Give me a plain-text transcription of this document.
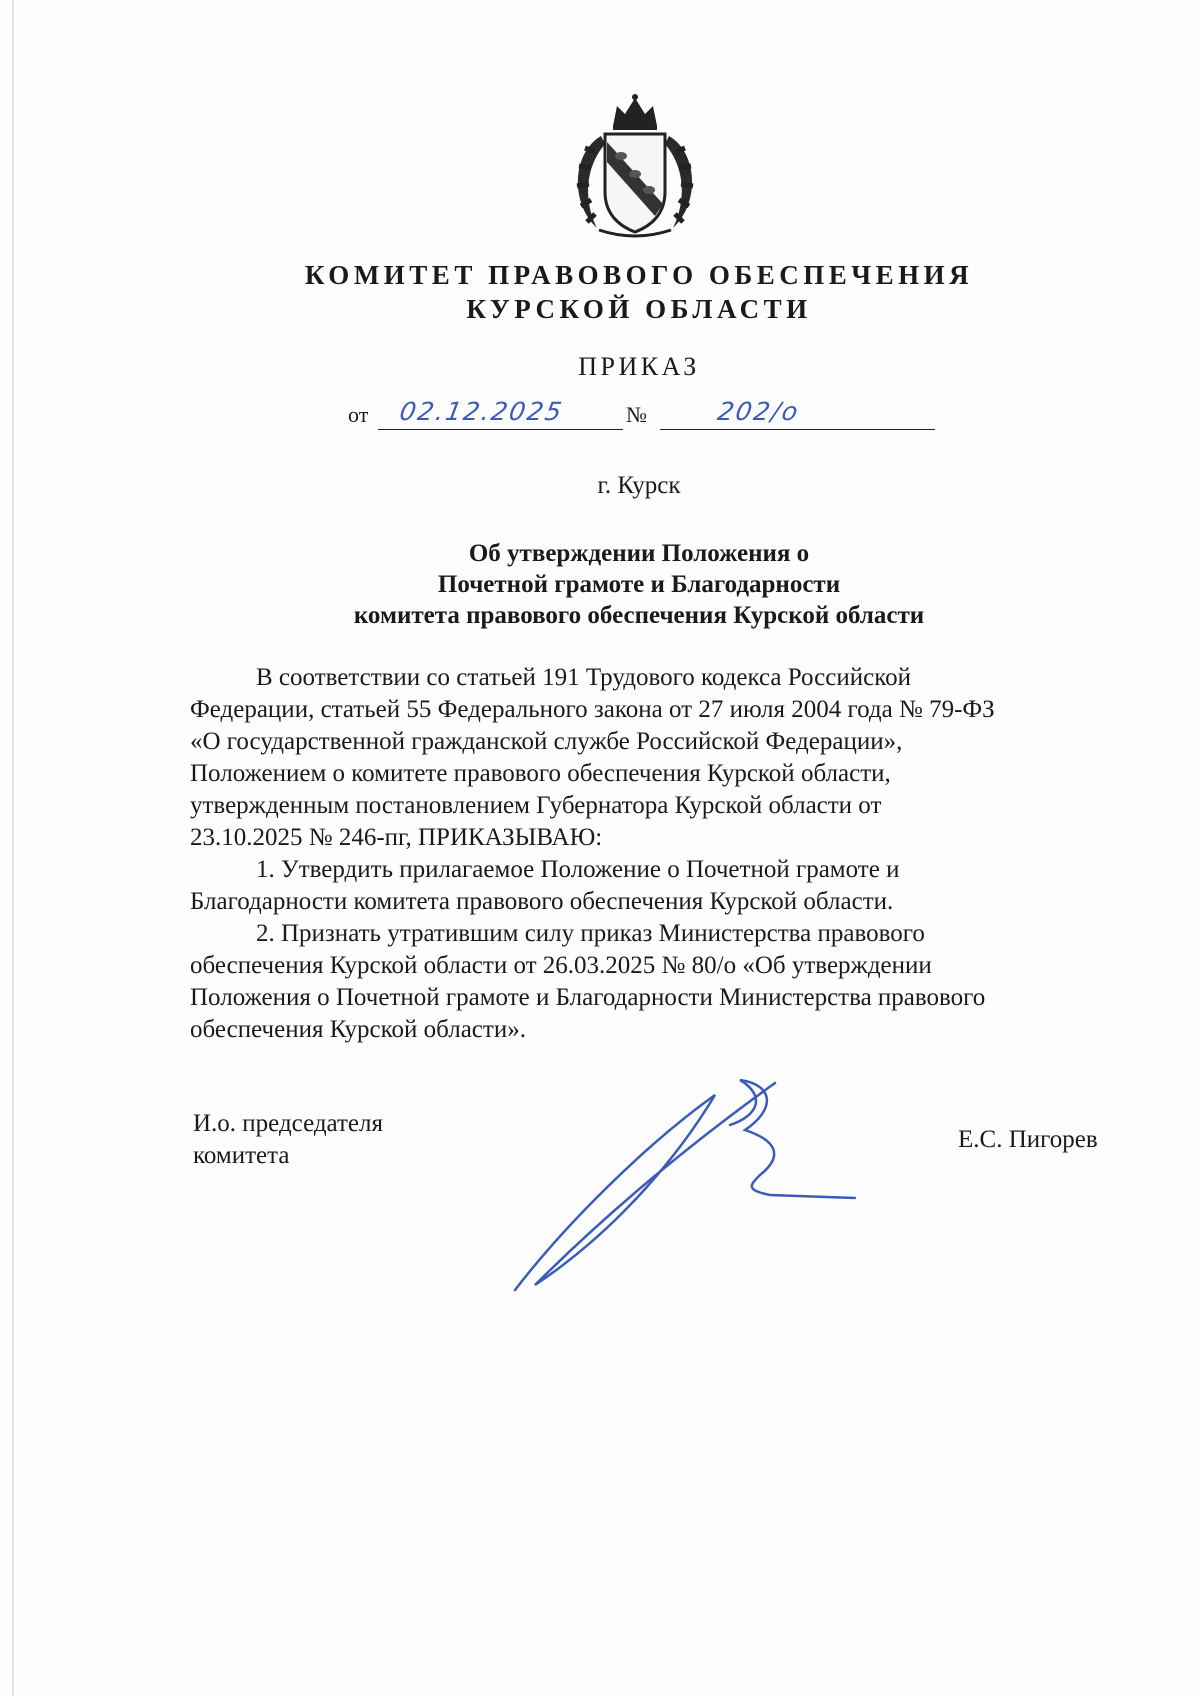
КОМИТЕТ ПРАВОВОГО ОБЕСПЕЧЕНИЯ
КУРСКОЙ ОБЛАСТИ
ПРИКАЗ
от 02.12.2025	№	202/о
г. Курск
Об утверждении Положения о
Почетной грамоте и Благодарности
комитета правового обеспечения Курской области
В соответствии со статьей 191 Трудового кодекса Российской
Федерации, статьей 55 Федерального закона от 27 июля 2004 года № 79-ФЗ
«О государственной гражданской службе Российской Федерации»,
Положением о комитете правового обеспечения Курской области,
утвержденным постановлением Губернатора Курской области от
23.10.2025 № 246-пг, ПРИКАЗЫВАЮ:
1. Утвердить прилагаемое Положение о Почетной грамоте и
Благодарности комитета правового обеспечения Курской области.
2. Признать утратившим силу приказ Министерства правового
обеспечения Курской области от 26.03.2025 № 80/о «Об утверждении
Положения о Почетной грамоте и Благодарности Министерства правового
обеспечения Курской области».
И.о. председателя
комитета
Е.С. Пигорев
